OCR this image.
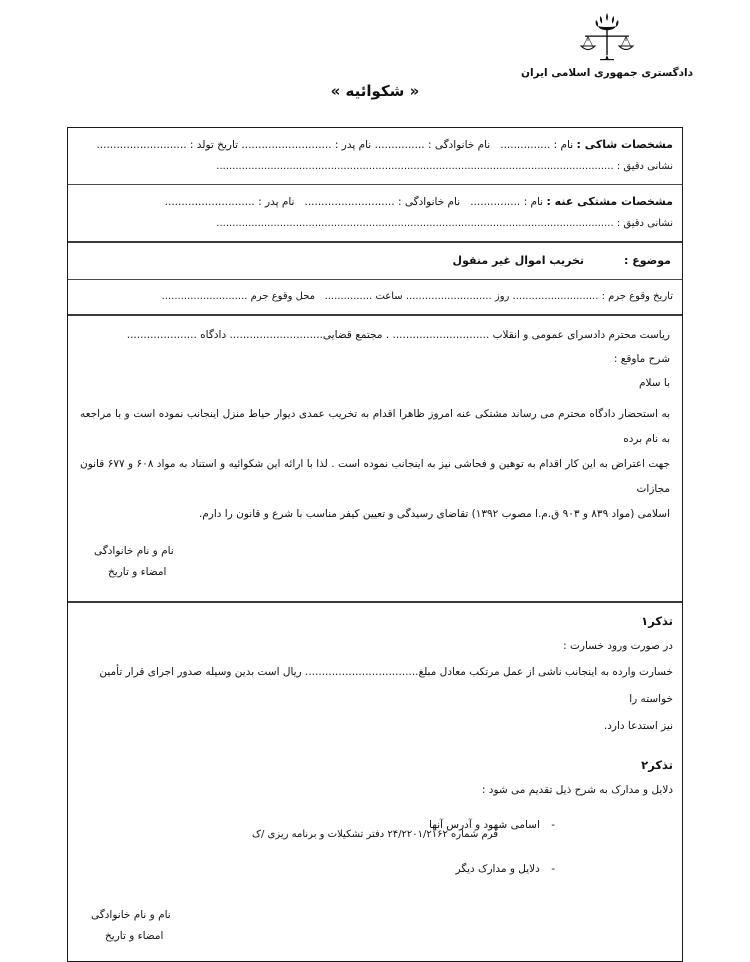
دادگستری جمهوری اسلامی ایران
« شکوائیه »
مشخصات شاکی : نام : ...............   نام خانوادگی : ............... نام پدر : ........................... تاریخ تولد : ...........................
نشانی دقیق : .............................................................................................................................
مشخصات مشتکی عنه : نام : ...............   نام خانوادگی : ...........................   نام پدر : ...........................
نشانی دقیق : .............................................................................................................................
موضوع :
تخریب اموال غیر منقول
تاریخ وقوع جرم : ........................... روز ........................... ساعت ...............   محل وقوع جرم ...........................
ریاست محترم دادسرای عمومی و انقلاب ............................. . مجتمع قضایی............................ دادگاه .....................
شرح ماوقع :
با سلام
به استحضار دادگاه محترم می رساند مشتکی عنه امروز ظاهرا اقدام به تخریب عمدی دیوار حیاط منزل اینجانب نموده است و با مراجعه به نام برده
جهت اعتراض به این کار اقدام به توهین و فحاشی نیز به اینجانب نموده است . لذا با ارائه این شکوائیه و استناد به مواد ۶۰۸ و ۶۷۷ قانون مجازات
اسلامی (مواد ۸۳۹ و ۹۰۳ ق.م.ا مصوب ۱۳۹۲) تقاضای رسیدگی و تعیین کیفر مناسب با شرع و قانون را دارم.
نام و نام خانوادگی
امضاء و تاریخ
تذکر۱
در صورت ورود خسارت :
خسارت وارده به اینجانب ناشی از عمل مرتکب معادل مبلغ.................................. ریال است بدین وسیله صدور اجرای قرار تأمین خواسته را
نیز استدعا دارد.
تذکر۲
دلایل و مدارک به شرح ذیل تقدیم می شود :
- اسامی شهود و آدرس آنها
- دلایل و مدارک دیگر
نام و نام خانوادگی
امضاء و تاریخ
فرم شماره ۲۴/۲۲۰۱/۲۱۶۲ دفتر تشکیلات و برنامه ریزی /ک
